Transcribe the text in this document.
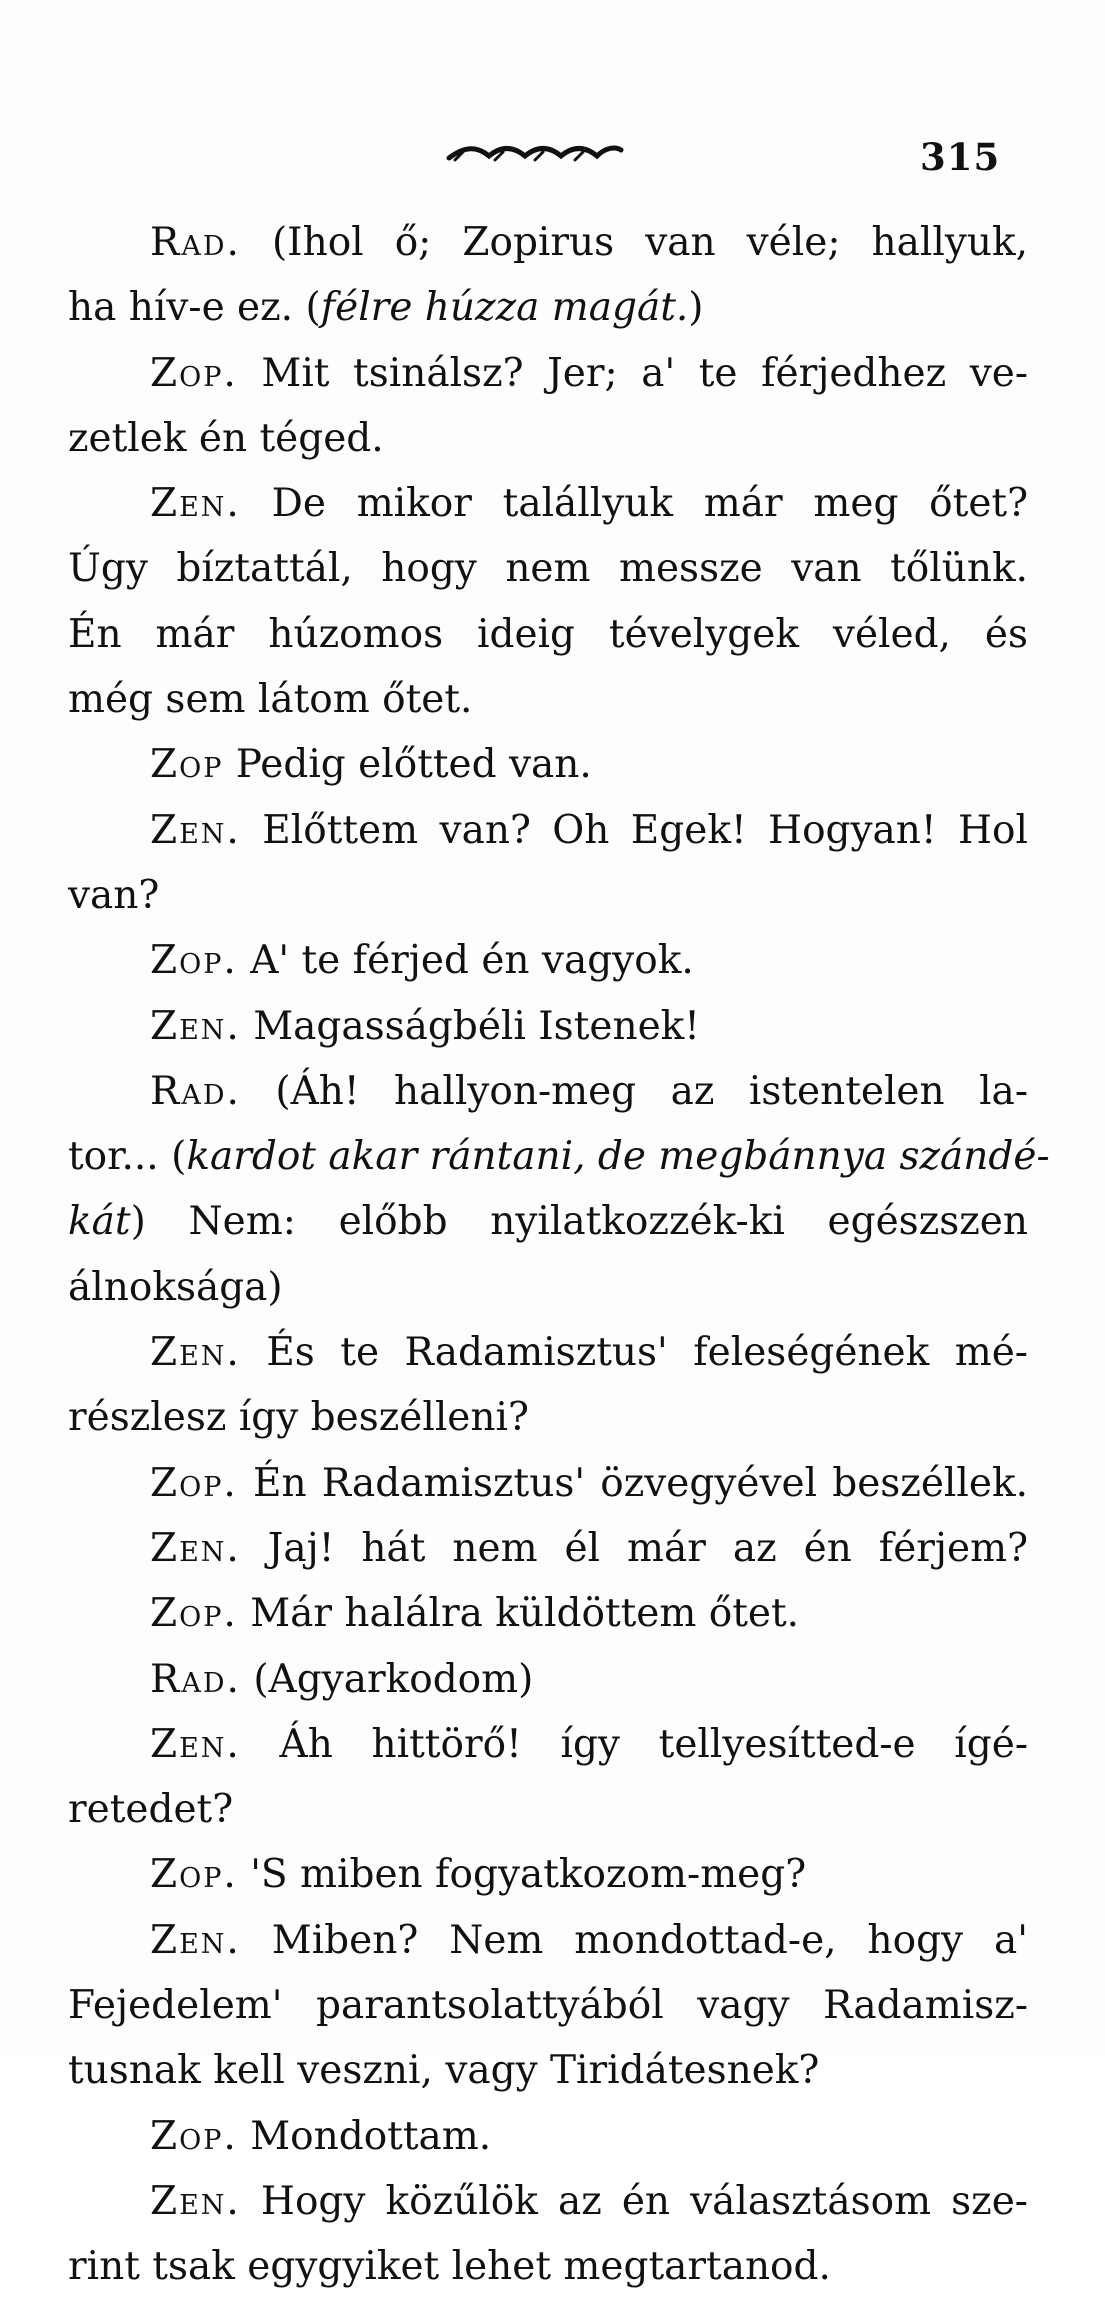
315
Rad. (Ihol ő; Zopirus van véle; hallyuk,
ha hív-e ez. (félre húzza magát.)
Zop. Mit tsinálsz? Jer; a' te férjedhez ve-
zetlek én téged.
Zen. De mikor talállyuk már meg őtet?
Úgy bíztattál, hogy nem messze van tőlünk.
Én már húzomos ideig tévelygek véled, és
még sem látom őtet.
Zop Pedig előtted van.
Zen. Előttem van? Oh Egek! Hogyan! Hol
van?
Zop. A' te férjed én vagyok.
Zen. Magasságbéli Istenek!
Rad. (Áh! hallyon-meg az istentelen la-
tor... (kardot akar rántani, de megbánnya szándé-
kát) Nem: előbb nyilatkozzék-ki egészszen
álnoksága)
Zen. És te Radamisztus' feleségének mé-
részlesz így beszélleni?
Zop. Én Radamisztus' özvegyével beszéllek.
Zen. Jaj! hát nem él már az én férjem?
Zop. Már halálra küldöttem őtet.
Rad. (Agyarkodom)
Zen. Áh hittörő! így tellyesítted-e ígé-
retedet?
Zop. 'S miben fogyatkozom-meg?
Zen. Miben? Nem mondottad-e, hogy a'
Fejedelem' parantsolattyából vagy Radamisz-
tusnak kell veszni, vagy Tiridátesnek?
Zop. Mondottam.
Zen. Hogy közűlök az én választásom sze-
rint tsak egygyiket lehet megtartanod.
